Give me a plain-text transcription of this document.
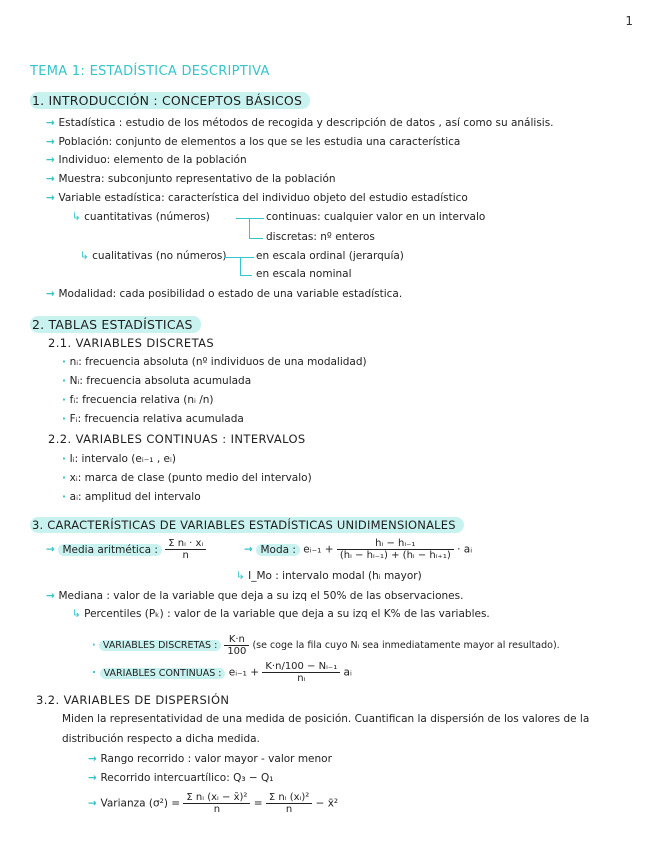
1
TEMA 1: ESTADÍSTICA DESCRIPTIVA
1. INTRODUCCIÓN : CONCEPTOS BÁSICOS
→ Estadística : estudio de los métodos de recogida y descripción de datos , así como su análisis.
→ Población: conjunto de elementos a los que se les estudia una característica
→ Individuo: elemento de la población
→ Muestra: subconjunto representativo de la población
→ Variable estadística: característica del individuo objeto del estudio estadístico
↳ cuantitativas (números)	continuas: cualquier valor en un intervalo
discretas: nº enteros
↳ cualitativas (no números)	en escala ordinal (jerarquía)
en escala nominal
→ Modalidad: cada posibilidad o estado de una variable estadística.
2. TABLAS ESTADÍSTICAS
2.1. VARIABLES DISCRETAS
· nᵢ: frecuencia absoluta (nº individuos de una modalidad)
· Nᵢ: frecuencia absoluta acumulada
· fᵢ: frecuencia relativa (nᵢ /n)
· Fᵢ: frecuencia relativa acumulada
2.2. VARIABLES CONTINUAS : INTERVALOS
· Iᵢ: intervalo (eᵢ₋₁ , eᵢ)
· xᵢ: marca de clase (punto medio del intervalo)
· aᵢ: amplitud del intervalo
3. CARACTERÍSTICAS DE VARIABLES ESTADÍSTICAS UNIDIMENSIONALES
→ Media aritmética : $\frac{\text{Σ nᵢ · xᵢ}}{n}$	→ Moda : eᵢ₋₁ + $\frac{\text{hᵢ − hᵢ₋₁}}{\text{(hᵢ − hᵢ₋₁) + (hᵢ − hᵢ₊₁)}}$ · aᵢ
↳ I_Mo : intervalo modal (hᵢ mayor)
→ Mediana : valor de la variable que deja a su izq el 50% de las observaciones.
↳ Percentiles (Pₖ) : valor de la variable que deja a su izq el K% de las variables.
· VARIABLES DISCRETAS : $\frac{K\cdot n}{100} (se$ coge la fila cuyo Nᵢ sea inmediatamente mayor al resultado).
· VARIABLES CONTINUAS : eᵢ₋₁ + $\frac{\text{K·n/100 − Nᵢ₋₁}}{\text{nᵢ}}$ aᵢ
3.2. VARIABLES DE DISPERSIÓN
Miden la representatividad de una medida de posición. Cuantifican la dispersión de los valores de la
distribución respecto a dicha medida.
→ Rango recorrido : valor mayor - valor menor
→ Recorrido intercuartílico: Q₃ − Q₁
→ Varianza $(\sigma^2) = \frac{\text{Σ nᵢ (xᵢ − x̄)²}}{n} = \frac{\text{Σ nᵢ (xᵢ)²}}{n}$ − x̄²
